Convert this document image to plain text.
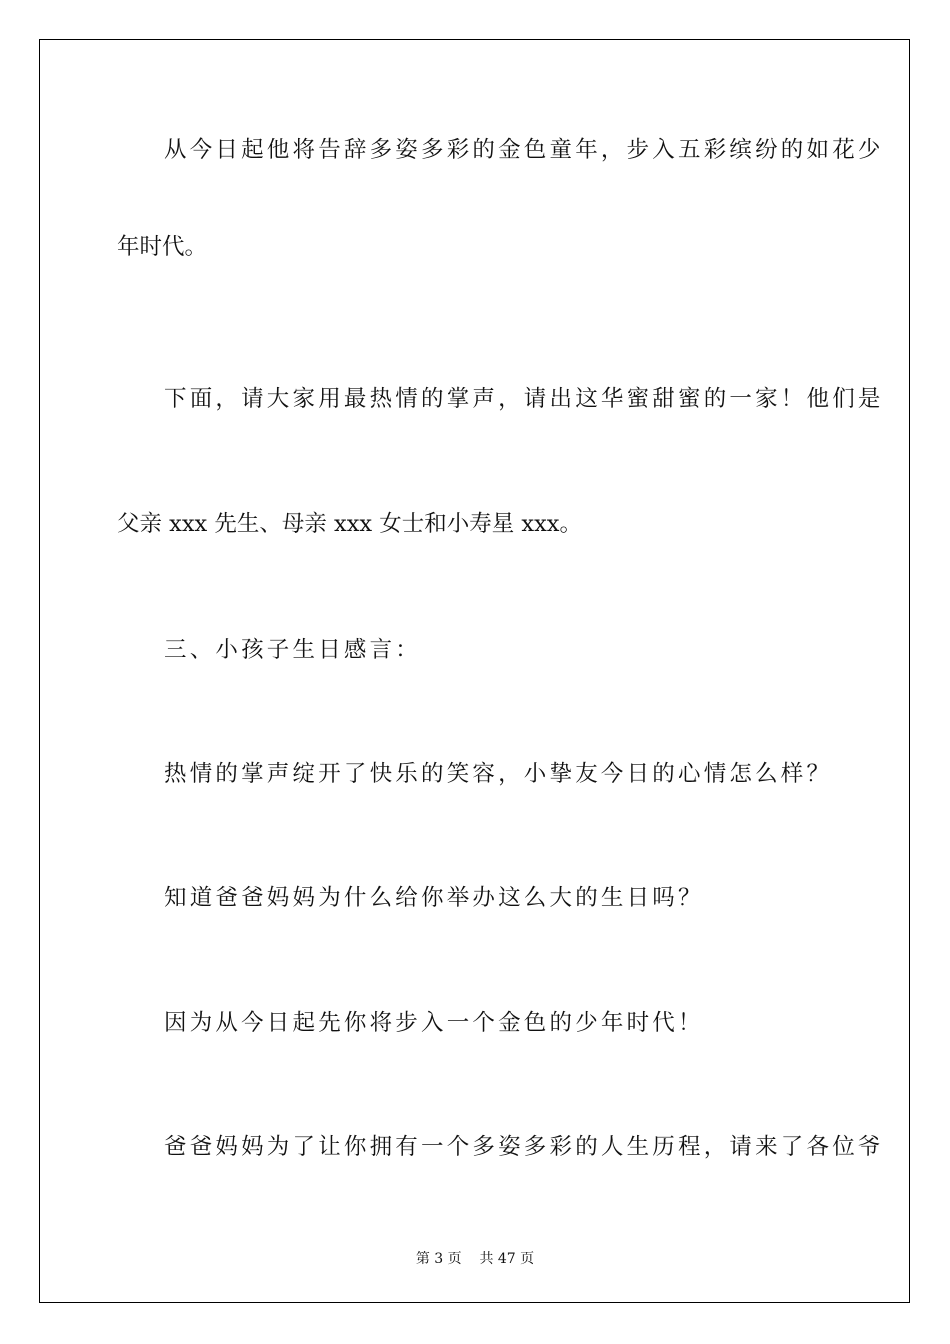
从今日起他将告辞多姿多彩的金色童年，步入五彩缤纷的如花少
年时代。
下面，请大家用最热情的掌声，请出这华蜜甜蜜的一家！他们是
父亲 xxx 先生、母亲 xxx 女士和小寿星 xxx。
三、小孩子生日感言：
热情的掌声绽开了快乐的笑容，小挚友今日的心情怎么样？
知道爸爸妈妈为什么给你举办这么大的生日吗？
因为从今日起先你将步入一个金色的少年时代！
爸爸妈妈为了让你拥有一个多姿多彩的人生历程，请来了各位爷
第 3 页 共 47 页
